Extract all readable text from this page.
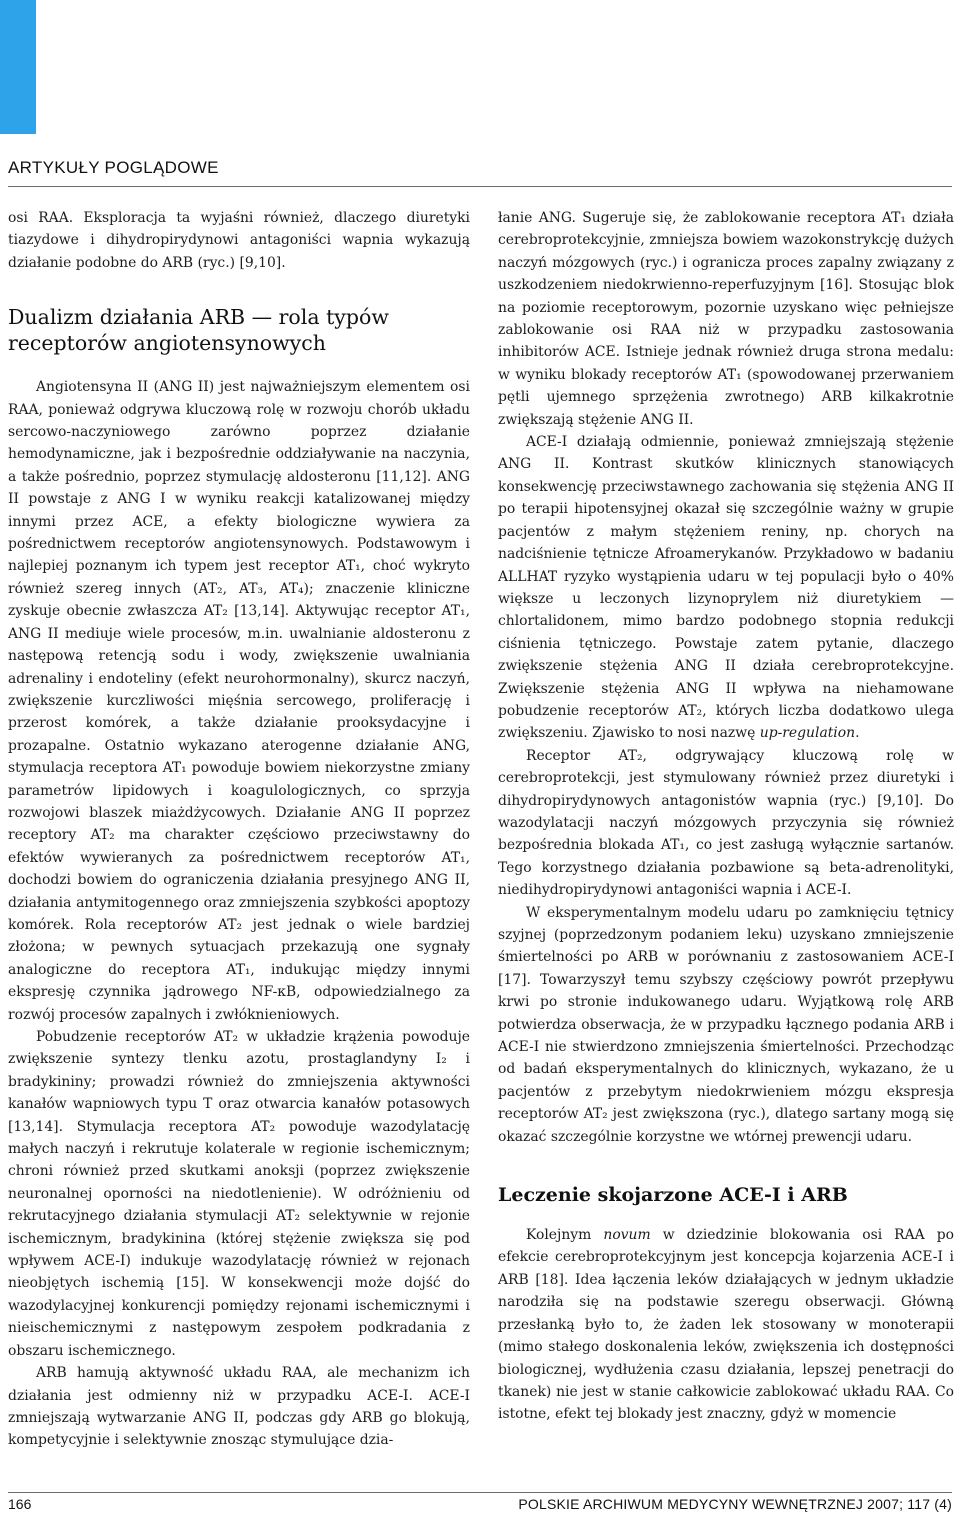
ARTYKUŁY POGLĄDOWE

osi RAA. Eksploracja ta wyjaśni również, dlaczego diuretyki tiazydowe i dihydropirydynowi antagoniści wapnia wykazują działanie podobne do ARB (ryc.) [9,10].

Dualizm działania ARB — rola typów receptorów angiotensynowych

Angiotensyna II (ANG II) jest najważniejszym elementem osi RAA, ponieważ odgrywa kluczową rolę w rozwoju chorób układu sercowo-naczyniowego zarówno poprzez działanie hemodynamiczne, jak i bezpośrednie oddziaływanie na naczynia, a także pośrednio, poprzez stymulację aldosteronu [11,12]. ANG II powstaje z ANG I w wyniku reakcji katalizowanej między innymi przez ACE, a efekty biologiczne wywiera za pośrednictwem receptorów angiotensynowych. Podstawowym i najlepiej poznanym ich typem jest receptor AT₁, choć wykryto również szereg innych (AT₂, AT₃, AT₄); znaczenie kliniczne zyskuje obecnie zwłaszcza AT₂ [13,14]. Aktywując receptor AT₁, ANG II mediuje wiele procesów, m.in. uwalnianie aldosteronu z następową retencją sodu i wody, zwiększenie uwalniania adrenaliny i endoteliny (efekt neurohormonalny), skurcz naczyń, zwiększenie kurczliwości mięśnia sercowego, proliferację i przerost komórek, a także działanie prooksydacyjne i prozapalne. Ostatnio wykazano aterogenne działanie ANG, stymulacja receptora AT₁ powoduje bowiem niekorzystne zmiany parametrów lipidowych i koagulologicznych, co sprzyja rozwojowi blaszek miażdżycowych. Działanie ANG II poprzez receptory AT₂ ma charakter częściowo przeciwstawny do efektów wywieranych za pośrednictwem receptorów AT₁, dochodzi bowiem do ograniczenia działania presyjnego ANG II, działania antymitogennego oraz zmniejszenia szybkości apoptozy komórek. Rola receptorów AT₂ jest jednak o wiele bardziej złożona; w pewnych sytuacjach przekazują one sygnały analogiczne do receptora AT₁, indukując między innymi ekspresję czynnika jądrowego NF-κB, odpowiedzialnego za rozwój procesów zapalnych i zwłóknieniowych.

Pobudzenie receptorów AT₂ w układzie krążenia powoduje zwiększenie syntezy tlenku azotu, prostaglandyny I₂ i bradykininy; prowadzi również do zmniejszenia aktywności kanałów wapniowych typu T oraz otwarcia kanałów potasowych [13,14]. Stymulacja receptora AT₂ powoduje wazodylatację małych naczyń i rekrutuje kolaterale w regionie ischemicznym; chroni również przed skutkami anoksji (poprzez zwiększenie neuronalnej oporności na niedotlenienie). W odróżnieniu od rekrutacyjnego działania stymulacji AT₂ selektywnie w rejonie ischemicznym, bradykinina (której stężenie zwiększa się pod wpływem ACE-I) indukuje wazodylatację również w rejonach nieobjętych ischemią [15]. W konsekwencji może dojść do wazodylacyjnej konkurencji pomiędzy rejonami ischemicznymi i nieischemicznymi z następowym zespołem podkradania z obszaru ischemicznego.

ARB hamują aktywność układu RAA, ale mechanizm ich działania jest odmienny niż w przypadku ACE-I. ACE-I zmniejszają wytwarzanie ANG II, podczas gdy ARB go blokują, kompetycyjnie i selektywnie znosząc stymulujące dzia-

łanie ANG. Sugeruje się, że zablokowanie receptora AT₁ działa cerebroprotekcyjnie, zmniejsza bowiem wazokonstrykcję dużych naczyń mózgowych (ryc.) i ogranicza proces zapalny związany z uszkodzeniem niedokrwienno-reperfuzyjnym [16]. Stosując blok na poziomie receptorowym, pozornie uzyskano więc pełniejsze zablokowanie osi RAA niż w przypadku zastosowania inhibitorów ACE. Istnieje jednak również druga strona medalu: w wyniku blokady receptorów AT₁ (spowodowanej przerwaniem pętli ujemnego sprzężenia zwrotnego) ARB kilkakrotnie zwiększają stężenie ANG II.

ACE-I działają odmiennie, ponieważ zmniejszają stężenie ANG II. Kontrast skutków klinicznych stanowiących konsekwencję przeciwstawnego zachowania się stężenia ANG II po terapii hipotensyjnej okazał się szczególnie ważny w grupie pacjentów z małym stężeniem reniny, np. chorych na nadciśnienie tętnicze Afroamerykanów. Przykładowo w badaniu ALLHAT ryzyko wystąpienia udaru w tej populacji było o 40% większe u leczonych lizynoprylem niż diuretykiem — chlortalidonem, mimo bardzo podobnego stopnia redukcji ciśnienia tętniczego. Powstaje zatem pytanie, dlaczego zwiększenie stężenia ANG II działa cerebroprotekcyjne. Zwiększenie stężenia ANG II wpływa na niehamowane pobudzenie receptorów AT₂, których liczba dodatkowo ulega zwiększeniu. Zjawisko to nosi nazwę up-regulation.

Receptor AT₂, odgrywający kluczową rolę w cerebroprotekcji, jest stymulowany również przez diuretyki i dihydropirydynowych antagonistów wapnia (ryc.) [9,10]. Do wazodylatacji naczyń mózgowych przyczynia się również bezpośrednia blokada AT₁, co jest zasługą wyłącznie sartanów. Tego korzystnego działania pozbawione są beta-adrenolityki, niedihydropirydynowi antagoniści wapnia i ACE-I.

W eksperymentalnym modelu udaru po zamknięciu tętnicy szyjnej (poprzedzonym podaniem leku) uzyskano zmniejszenie śmiertelności po ARB w porównaniu z zastosowaniem ACE-I [17]. Towarzyszył temu szybszy częściowy powrót przepływu krwi po stronie indukowanego udaru. Wyjątkową rolę ARB potwierdza obserwacja, że w przypadku łącznego podania ARB i ACE-I nie stwierdzono zmniejszenia śmiertelności. Przechodząc od badań eksperymentalnych do klinicznych, wykazano, że u pacjentów z przebytym niedokrwieniem mózgu ekspresja receptorów AT₂ jest zwiększona (ryc.), dlatego sartany mogą się okazać szczególnie korzystne we wtórnej prewencji udaru.

Leczenie skojarzone ACE-I i ARB

Kolejnym novum w dziedzinie blokowania osi RAA po efekcie cerebroprotekcyjnym jest koncepcja kojarzenia ACE-I i ARB [18]. Idea łączenia leków działających w jednym układzie narodziła się na podstawie szeregu obserwacji. Główną przesłanką było to, że żaden lek stosowany w monoterapii (mimo stałego doskonalenia leków, zwiększenia ich dostępności biologicznej, wydłużenia czasu działania, lepszej penetracji do tkanek) nie jest w stanie całkowicie zablokować układu RAA. Co istotne, efekt tej blokady jest znaczny, gdyż w momencie

166	POLSKIE ARCHIWUM MEDYCYNY WEWNĘTRZNEJ 2007; 117 (4)
